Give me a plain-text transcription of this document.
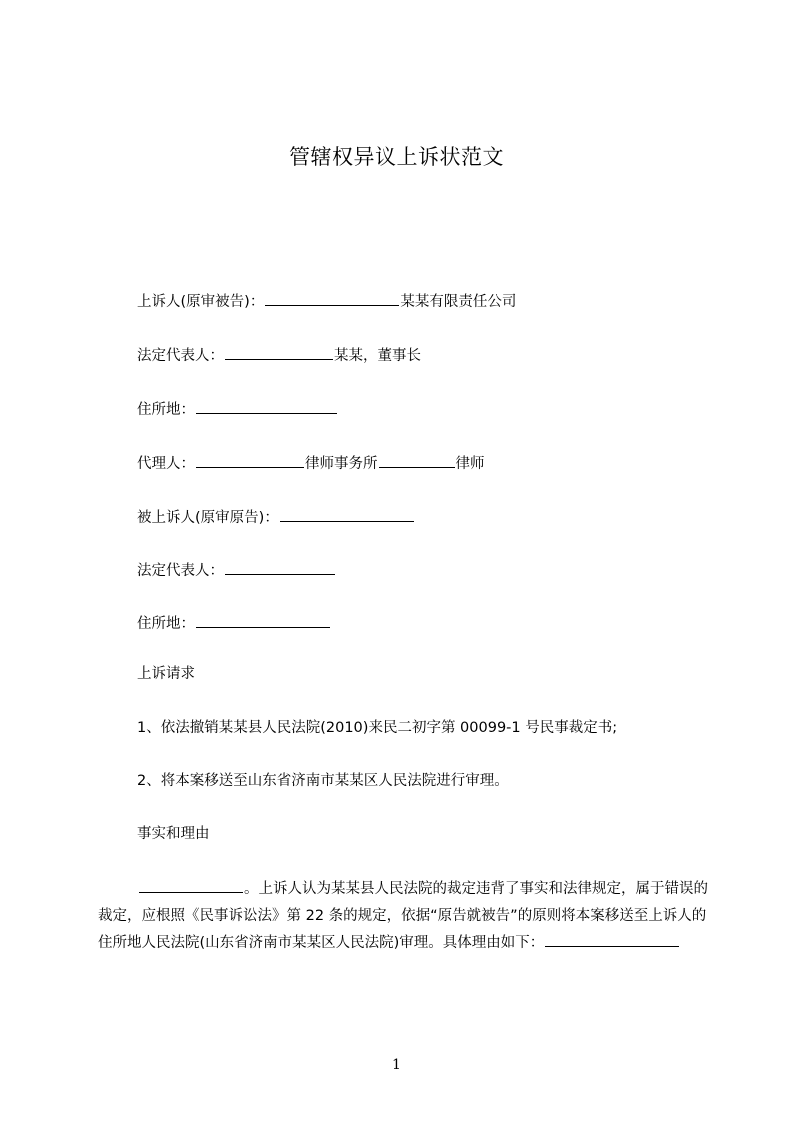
管辖权异议上诉状范文
上诉人(原审被告)：	某某有限责任公司
法定代表人：	某某，董事长
住所地：
代理人：	律师事务所	律师
被上诉人(原审原告)：
法定代表人：
住所地：
上诉请求
1、依法撤销某某县人民法院(2010)来民二初字第 00099-1 号民事裁定书;
2、将本案移送至山东省济南市某某区人民法院进行审理。
事实和理由
。上诉人认为某某县人民法院的裁定违背了事实和法律规定，属于错误的裁定，应根照《民事诉讼法》第 22 条的规定，依据“原告就被告”的原则将本案移送至上诉人的住所地人民法院(山东省济南市某某区人民法院)审理。具体理由如下：
1
